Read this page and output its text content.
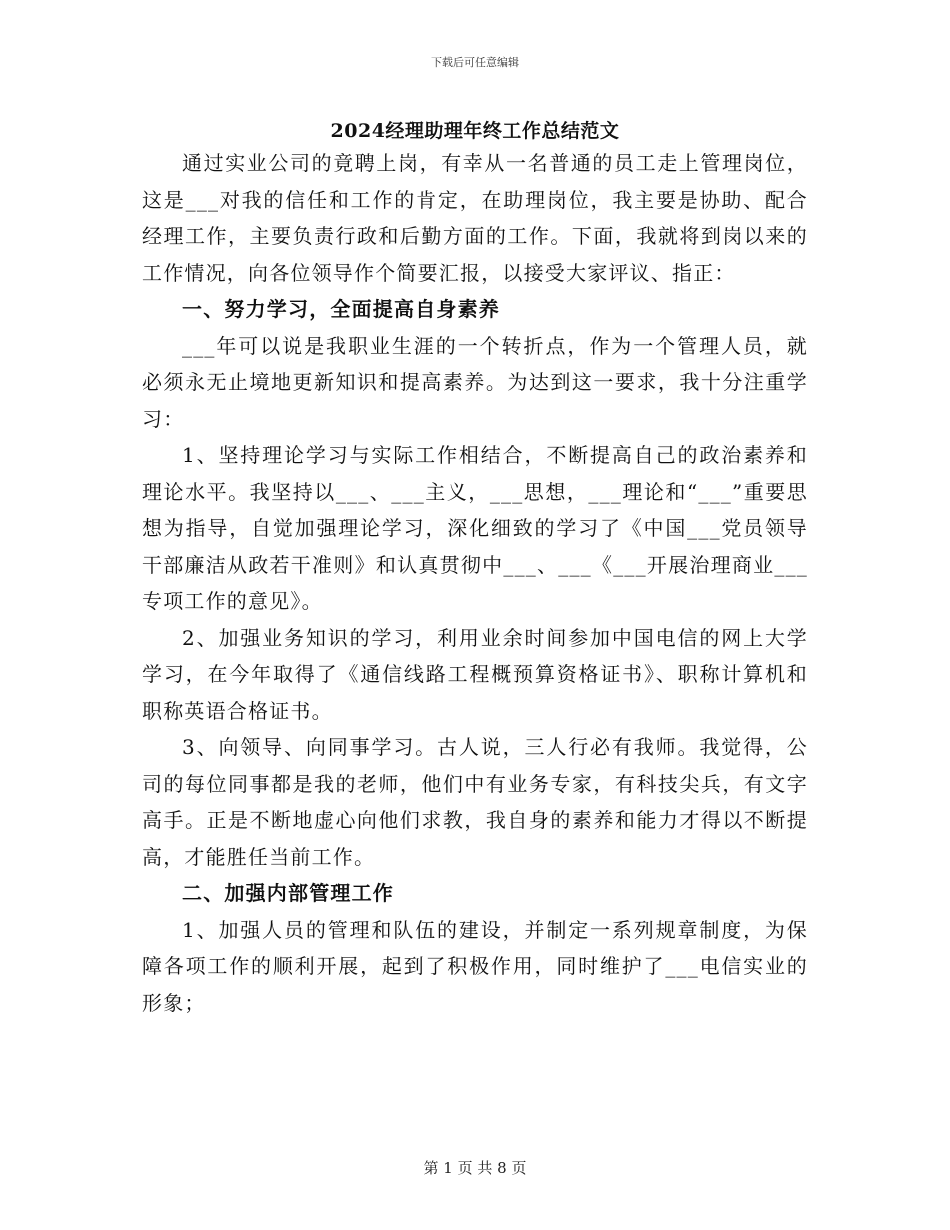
下载后可任意编辑
2024经理助理年终工作总结范文

通过实业公司的竟聘上岗，有幸从一名普通的员工走上管理岗位，这是___对我的信任和工作的肯定，在助理岗位，我主要是协助、配合经理工作，主要负责行政和后勤方面的工作。下面，我就将到岗以来的工作情况，向各位领导作个简要汇报，以接受大家评议、指正：

一、努力学习，全面提高自身素养

___年可以说是我职业生涯的一个转折点，作为一个管理人员，就必须永无止境地更新知识和提高素养。为达到这一要求，我十分注重学习：

1、坚持理论学习与实际工作相结合，不断提高自己的政治素养和理论水平。我坚持以___、___主义，___思想，___理论和“___”重要思想为指导，自觉加强理论学习，深化细致的学习了《中国___党员领导干部廉洁从政若干准则》和认真贯彻中___、___《___开展治理商业___专项工作的意见》。

2、加强业务知识的学习，利用业余时间参加中国电信的网上大学学习，在今年取得了《通信线路工程概预算资格证书》、职称计算机和职称英语合格证书。

3、向领导、向同事学习。古人说，三人行必有我师。我觉得，公司的每位同事都是我的老师，他们中有业务专家，有科技尖兵，有文字高手。正是不断地虚心向他们求教，我自身的素养和能力才得以不断提高，才能胜任当前工作。

二、加强内部管理工作

1、加强人员的管理和队伍的建设，并制定一系列规章制度，为保障各项工作的顺利开展，起到了积极作用，同时维护了___电信实业的形象；

第 1 页 共 8 页
